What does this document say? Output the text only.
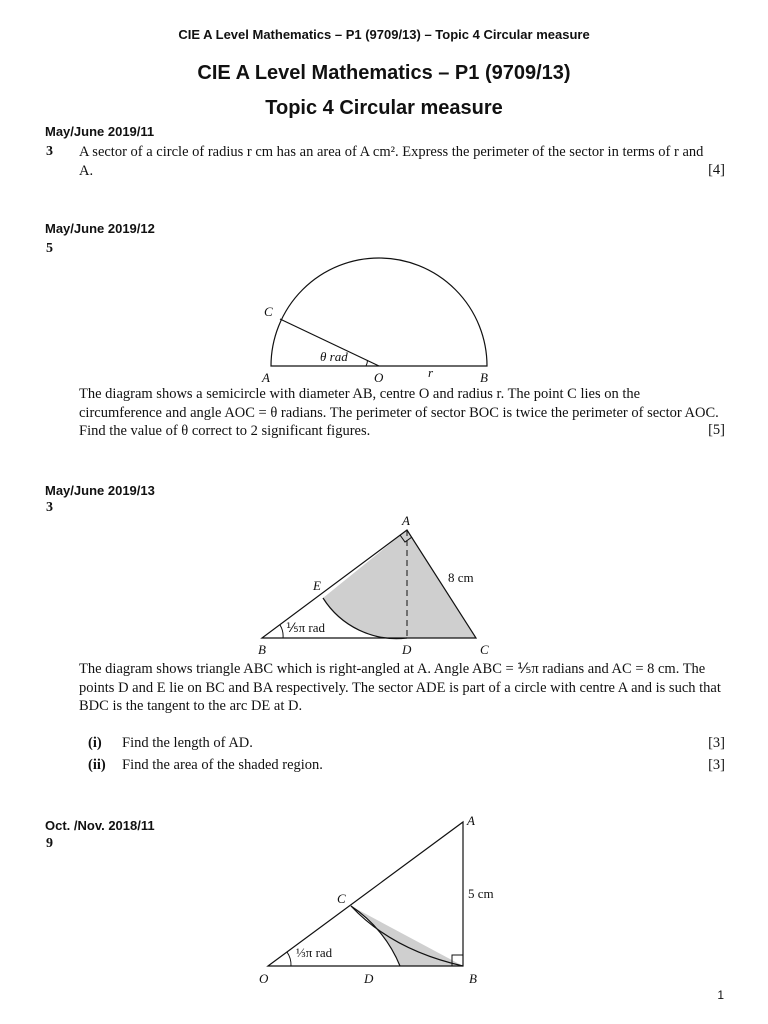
CIE A Level Mathematics – P1 (9709/13) – Topic 4 Circular measure
CIE A Level Mathematics – P1 (9709/13)
Topic 4 Circular measure
May/June 2019/11
3 A sector of a circle of radius r cm has an area of A cm². Express the perimeter of the sector in terms of r and A.	[4]
May/June 2019/12
5
C
A	O	r	B
θ rad
A
E
B	D	C
8 cm
⅕π rad
A
C
O	D	B
5 cm
⅓π rad
The diagram shows a semicircle with diameter AB, centre O and radius r. The point C lies on the circumference and angle AOC = θ radians. The perimeter of sector BOC is twice the perimeter of sector AOC. Find the value of θ correct to 2 significant figures.	[5]
May/June 2019/13
3
The diagram shows triangle ABC which is right-angled at A. Angle ABC = ⅕π radians and AC = 8 cm. The points D and E lie on BC and BA respectively. The sector ADE is part of a circle with centre A and is such that BDC is the tangent to the arc DE at D.
(i) Find the length of AD.	[3]
(ii) Find the area of the shaded region.	[3]
Oct. /Nov. 2018/11
9
1
